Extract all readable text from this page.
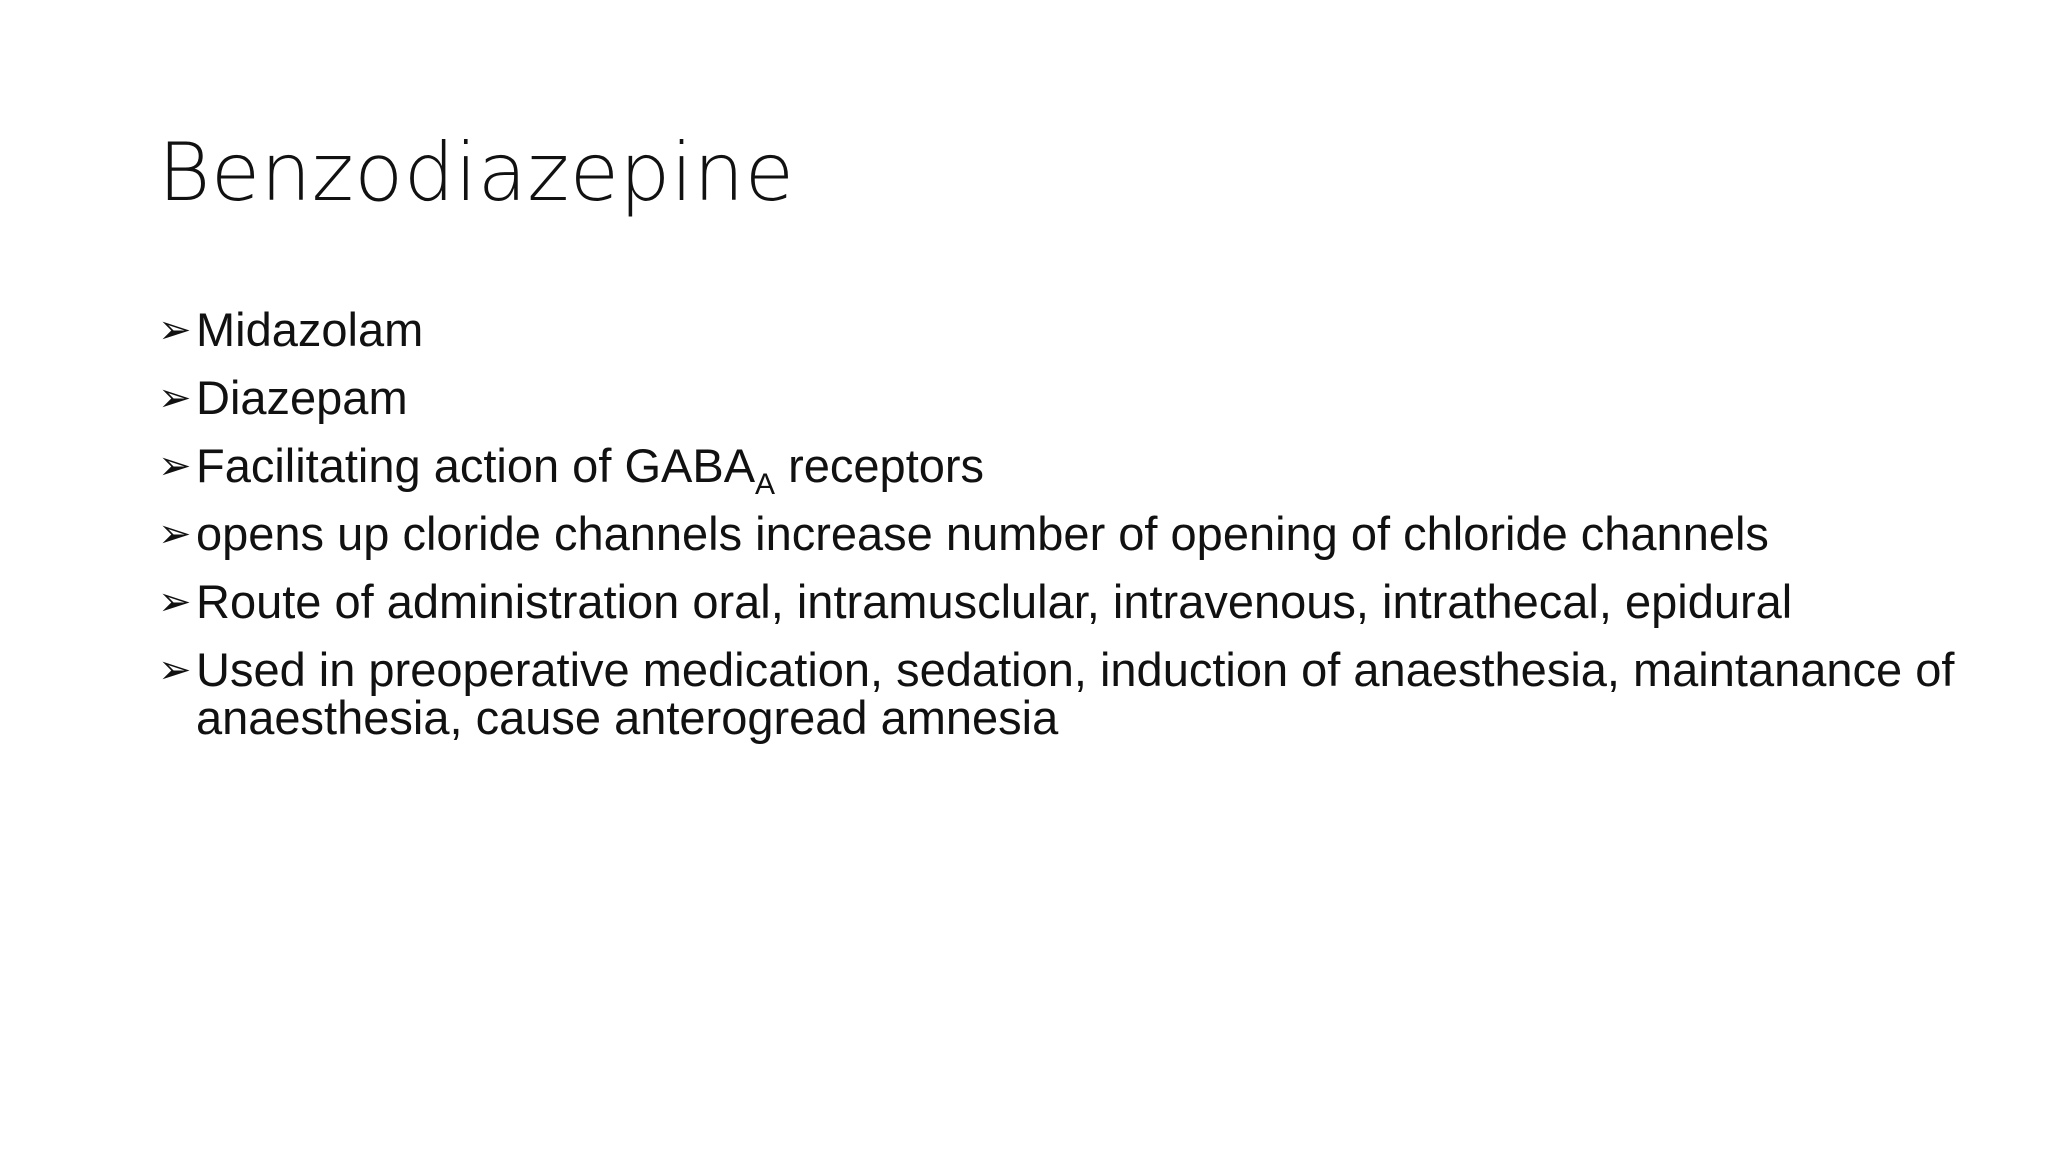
Benzodiazepine
➢ Midazolam
➢ Diazepam
➢ Facilitating action of $GABA_A$ receptors
➢ opens up cloride channels increase number of opening of chloride channels
➢ Route of administration oral, intramusclular, intravenous, intrathecal, epidural
➢ Used in preoperative medication, sedation, induction of anaesthesia, maintanance of anaesthesia, cause anterogread amnesia
